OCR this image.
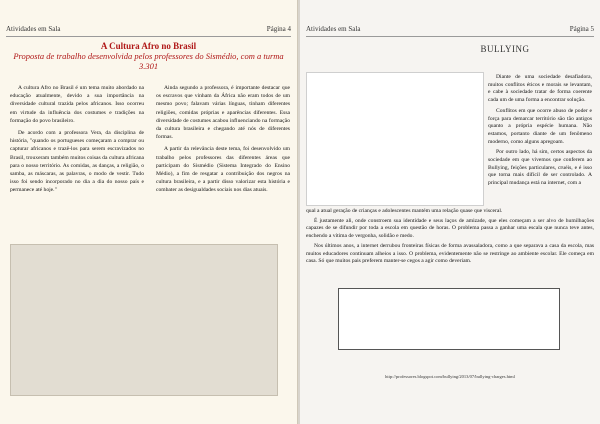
Atividades em Sala	Página 4
A Cultura Afro no Brasil
Proposta de trabalho desenvolvida pelos professores do Sismédio, com a turma 3.301

A cultura Afro no Brasil é um tema muito abordado na educação atualmente, devido a sua importância na diversidade cultural trazida pelos africanos. Isso ocorreu em virtude da influência dos costumes e tradições na formação do povo brasileiro.

De acordo com a professora Vera, da disciplina de história, "quando os portugueses começaram a comprar ou capturar africanos e trazê-los para serem escravizados no Brasil, trouxeram também muitos coisas da cultura africana para o nosso território. As comidas, as danças, a religião, o samba, as máscaras, as palavras, o modo de vestir. Tudo isso foi sendo incorporado no dia a dia do nosso país e permanece até hoje."

Ainda segundo a professora, é importante destacar que os escravos que vinham da África não eram todos de um mesmo povo; falavam várias línguas, tinham diferentes religiões, comidas próprias e aparências diferentes. Essa diversidade de costumes acabou influenciando na formação da cultura brasileira e chegando até nós de diferentes formas.

A partir da relevância deste tema, foi desenvolvido um trabalho pelos professores das diferentes áreas que participam do Sismédio (Sistema Integrado do Ensino Médio), a fim de resgatar a contribuição dos negros na cultura brasileira, e a partir disso valorizar esta história e combater as desigualdades sociais nos dias atuais.

Atividades em Sala	Página 5
BULLYING

Diante de uma sociedade desafiadora, muitos conflitos éticos e morais se levantam, e cabe à sociedade tratar de forma coerente cada um de uma forma a encontrar solução.

Conflitos em que ocorre abuso de poder e força para demarcar território são tão antigos quanto a própria espécie humana. Não estamos, portanto diante de um fenômeno moderno, como alguns apregoam.

Por outro lado, há sim, certos aspectos da sociedade em que vivemos que conferem ao Bullying, feições particulares, cruéis, e é isso que torna mais difícil de ser controlado. A principal mudança está na internet, com a

qual a atual geração de crianças e adolescentes mantém uma relação quase que visceral.

É justamente ali, onde constroem sua identidade e seus laços de amizade, que eles começam a ser alvo de humilhações capazes de se difundir por toda a escola em questão de horas. O problema passa a ganhar uma escala que nunca teve antes, enchendo a vítima de vergonha, solidão e medo.

Nos últimos anos, a internet derrubou fronteiras físicas de forma avassaladora, como a que separava a casa da escola, mas muitos educadores continuam alheios a isso. O problema, evidentemente não se restringe ao ambiente escolar. Ele começa em casa. Só que muitos pais preferem manter-se cegos a agir como deveriam.

http://professores.blogspot.com/bullying/2013/07/bullying-charges.html
